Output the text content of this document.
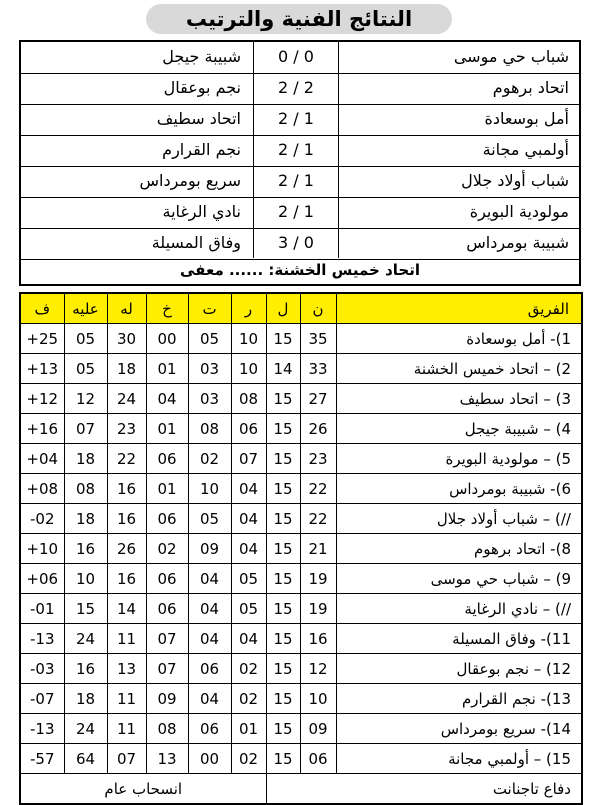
النتائج الفنية والترتيب
شبيبة جيجل	0 / 0	شباب حي موسى
نجم بوعقال	2 / 2	اتحاد برهوم
اتحاد سطيف	2 / 1	أمل بوسعادة
نجم القرارم	2 / 1	أولمبي مجانة
سريع بومرداس	2 / 1	شباب أولاد جلال
نادي الرغاية	2 / 1	مولودية البويرة
وفاق المسيلة	3 / 0	شبيبة بومرداس
اتحاد خميس الخشنة: ...... معفى
ف	عليه	له	خ	ت	ر	ل	ن	الفريق
+25	05	30	00	05	10	15	35	1)- أمل بوسعادة
+13	05	18	01	03	10	14	33	2) – اتحاد خميس الخشنة
+12	12	24	04	03	08	15	27	3) – اتحاد سطيف
+16	07	23	01	08	06	15	26	4) – شبيبة جيجل
+04	18	22	06	02	07	15	23	5) – مولودية البويرة
+08	08	16	01	10	04	15	22	6)- شبيبة بومرداس
-02	18	16	06	05	04	15	22	//) – شباب أولاد جلال
+10	16	26	02	09	04	15	21	8)- اتحاد برهوم
+06	10	16	06	04	05	15	19	9) – شباب حي موسى
-01	15	14	06	04	05	15	19	//) – نادي الرغاية
-13	24	11	07	04	04	15	16	11)- وفاق المسيلة
-03	16	13	07	06	02	15	12	12) – نجم بوعقال
-07	18	11	09	04	02	15	10	13)- نجم القرارم
-13	24	11	08	06	01	15	09	14)- سريع بومرداس
-57	64	07	13	00	02	15	06	15) – أولمبي مجانة
انسحاب عام						دفاع تاجنانت		
